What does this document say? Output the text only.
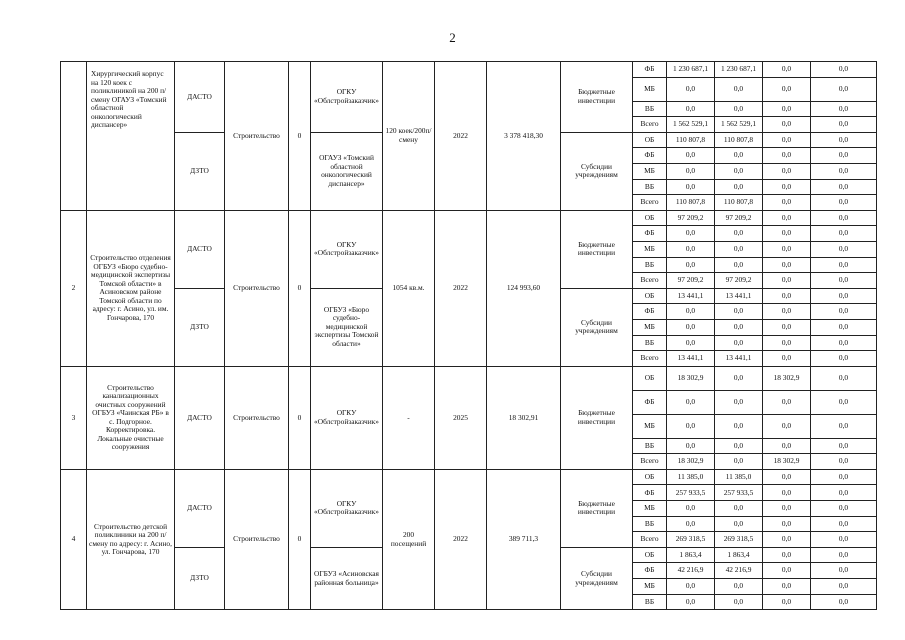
2
	Хирургический корпус на 120 коек с поликлиникой на 200 п/смену ОГАУЗ «Томский областной онкологический диспансер»	ДАСТО	Строительство	0	ОГКУ «Облстройзаказчик»	120 коек/200п/смену	2022	3 378 418,30	Бюджетные инвестиции	ФБ	1 230 687,1	1 230 687,1	0,0	0,0
										МБ	0,0	0,0	0,0	0,0
										ВБ	0,0	0,0	0,0	0,0
										Всего	1 562 529,1	1 562 529,1	0,0	0,0
		ДЗТО			ОГАУЗ «Томский областной онкологический диспансер»				Субсидии учреждениям	ОБ	110 807,8	110 807,8	0,0	0,0
										ФБ	0,0	0,0	0,0	0,0
										МБ	0,0	0,0	0,0	0,0
										ВБ	0,0	0,0	0,0	0,0
										Всего	110 807,8	110 807,8	0,0	0,0
2	Строительство отделения ОГБУЗ «Бюро судебно-медицинской экспертизы Томской области» в Асиновском районе Томской области по адресу: г. Асино, ул. им. Гончарова, 170	ДАСТО	Строительство	0	ОГКУ «Облстройзаказчик»	1054 кв.м.	2022	124 993,60	Бюджетные инвестиции	ОБ	97 209,2	97 209,2	0,0	0,0
										ФБ	0,0	0,0	0,0	0,0
										МБ	0,0	0,0	0,0	0,0
										ВБ	0,0	0,0	0,0	0,0
										Всего	97 209,2	97 209,2	0,0	0,0
		ДЗТО			ОГБУЗ «Бюро судебно-медицинской экспертизы Томской области»				Субсидии учреждениям	ОБ	13 441,1	13 441,1	0,0	0,0
										ФБ	0,0	0,0	0,0	0,0
										МБ	0,0	0,0	0,0	0,0
										ВБ	0,0	0,0	0,0	0,0
										Всего	13 441,1	13 441,1	0,0	0,0
3	Строительство канализационных очистных сооружений ОГБУЗ «Чаинская РБ» в с. Подгорное. Корректировка. Локальные очистные сооружения	ДАСТО	Строительство	0	ОГКУ «Облстройзаказчик»	-	2025	18 302,91	Бюджетные инвестиции	ОБ	18 302,9	0,0	18 302,9	0,0
										ФБ	0,0	0,0	0,0	0,0
										МБ	0,0	0,0	0,0	0,0
										ВБ	0,0	0,0	0,0	0,0
										Всего	18 302,9	0,0	18 302,9	0,0
4	Строительство детской поликлиники на 200 п/смену по адресу: г. Асино, ул. Гончарова, 170	ДАСТО	Строительство	0	ОГКУ «Облстройзаказчик»	200 посещений	2022	389 711,3	Бюджетные инвестиции	ОБ	11 385,0	11 385,0	0,0	0,0
										ФБ	257 933,5	257 933,5	0,0	0,0
										МБ	0,0	0,0	0,0	0,0
										ВБ	0,0	0,0	0,0	0,0
										Всего	269 318,5	269 318,5	0,0	0,0
		ДЗТО			ОГБУЗ «Асиновская районная больница»				Субсидии учреждениям	ОБ	1 863,4	1 863,4	0,0	0,0
										ФБ	42 216,9	42 216,9	0,0	0,0
										МБ	0,0	0,0	0,0	0,0
										ВБ	0,0	0,0	0,0	0,0
